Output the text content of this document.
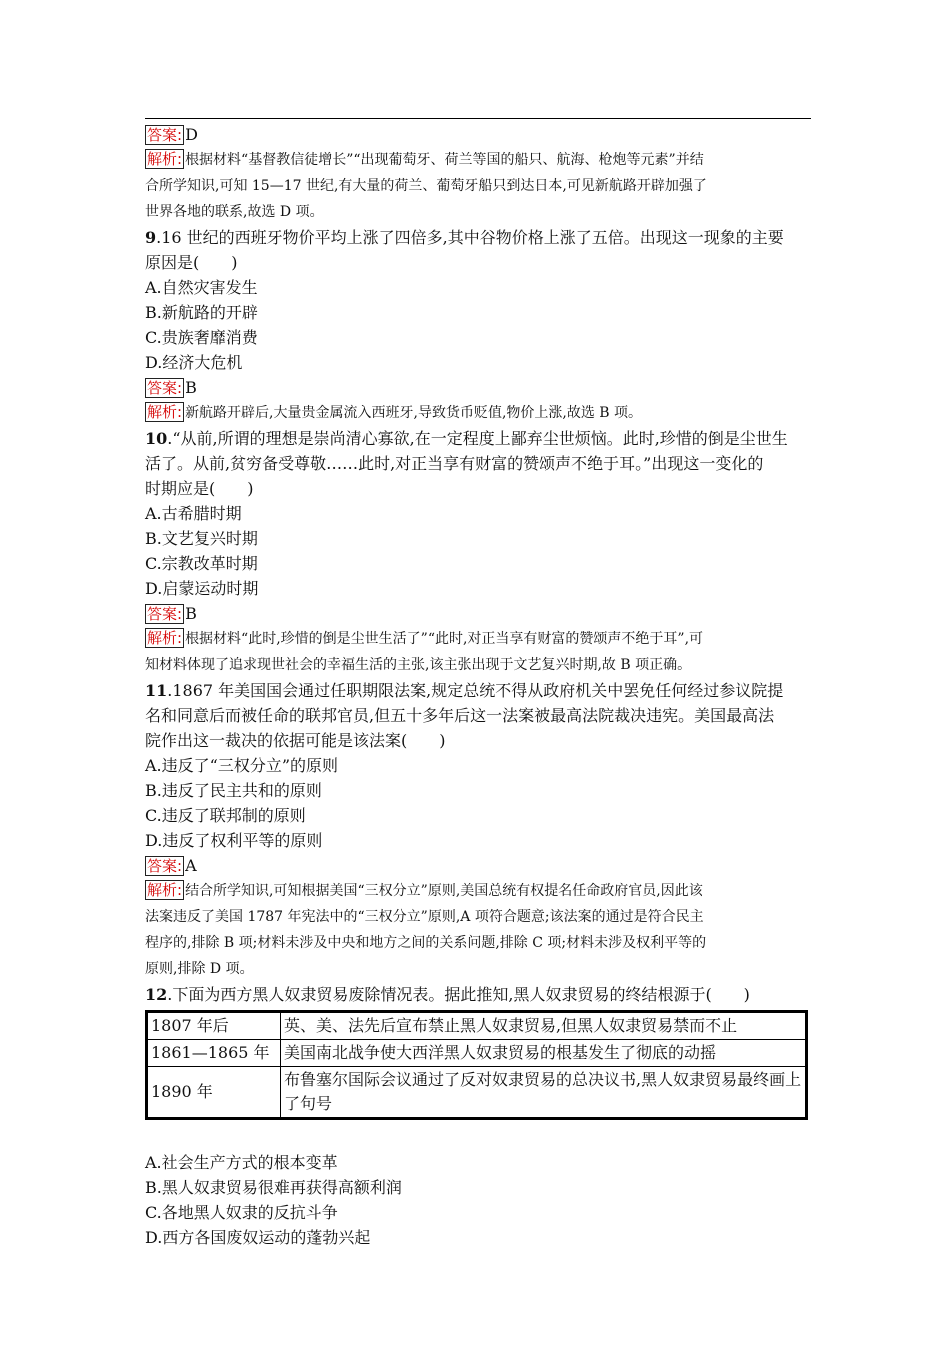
答案: D
解析: 根据材料“基督教信徒增长”“出现葡萄牙、荷兰等国的船只、航海、枪炮等元素”并结
合所学知识,可知 15—17 世纪,有大量的荷兰、葡萄牙船只到达日本,可见新航路开辟加强了
世界各地的联系,故选 D 项。
9.16 世纪的西班牙物价平均上涨了四倍多,其中谷物价格上涨了五倍。出现这一现象的主要
原因是(　　)
A.自然灾害发生
B.新航路的开辟
C.贵族奢靡消费
D.经济大危机
答案: B
解析: 新航路开辟后,大量贵金属流入西班牙,导致货币贬值,物价上涨,故选 B 项。
10.“从前,所谓的理想是崇尚清心寡欲,在一定程度上鄙弃尘世烦恼。此时,珍惜的倒是尘世生
活了。从前,贫穷备受尊敬……此时,对正当享有财富的赞颂声不绝于耳。”出现这一变化的
时期应是(　　)
A.古希腊时期
B.文艺复兴时期
C.宗教改革时期
D.启蒙运动时期
答案: B
解析: 根据材料“此时,珍惜的倒是尘世生活了”“此时,对正当享有财富的赞颂声不绝于耳”,可
知材料体现了追求现世社会的幸福生活的主张,该主张出现于文艺复兴时期,故 B 项正确。
11.1867 年美国国会通过任职期限法案,规定总统不得从政府机关中罢免任何经过参议院提
名和同意后而被任命的联邦官员,但五十多年后这一法案被最高法院裁决违宪。美国最高法
院作出这一裁决的依据可能是该法案(　　)
A.违反了“三权分立”的原则
B.违反了民主共和的原则
C.违反了联邦制的原则
D.违反了权利平等的原则
答案: A
解析: 结合所学知识,可知根据美国“三权分立”原则,美国总统有权提名任命政府官员,因此该
法案违反了美国 1787 年宪法中的“三权分立”原则,A 项符合题意;该法案的通过是符合民主
程序的,排除 B 项;材料未涉及中央和地方之间的关系问题,排除 C 项;材料未涉及权利平等的
原则,排除 D 项。
12.下面为西方黑人奴隶贸易废除情况表。据此推知,黑人奴隶贸易的终结根源于(　　)
1807 年后	英、美、法先后宣布禁止黑人奴隶贸易,但黑人奴隶贸易禁而不止
1861—1865 年	美国南北战争使大西洋黑人奴隶贸易的根基发生了彻底的动摇
1890 年	布鲁塞尔国际会议通过了反对奴隶贸易的总决议书,黑人奴隶贸易最终画上了句号
A.社会生产方式的根本变革
B.黑人奴隶贸易很难再获得高额利润
C.各地黑人奴隶的反抗斗争
D.西方各国废奴运动的蓬勃兴起
